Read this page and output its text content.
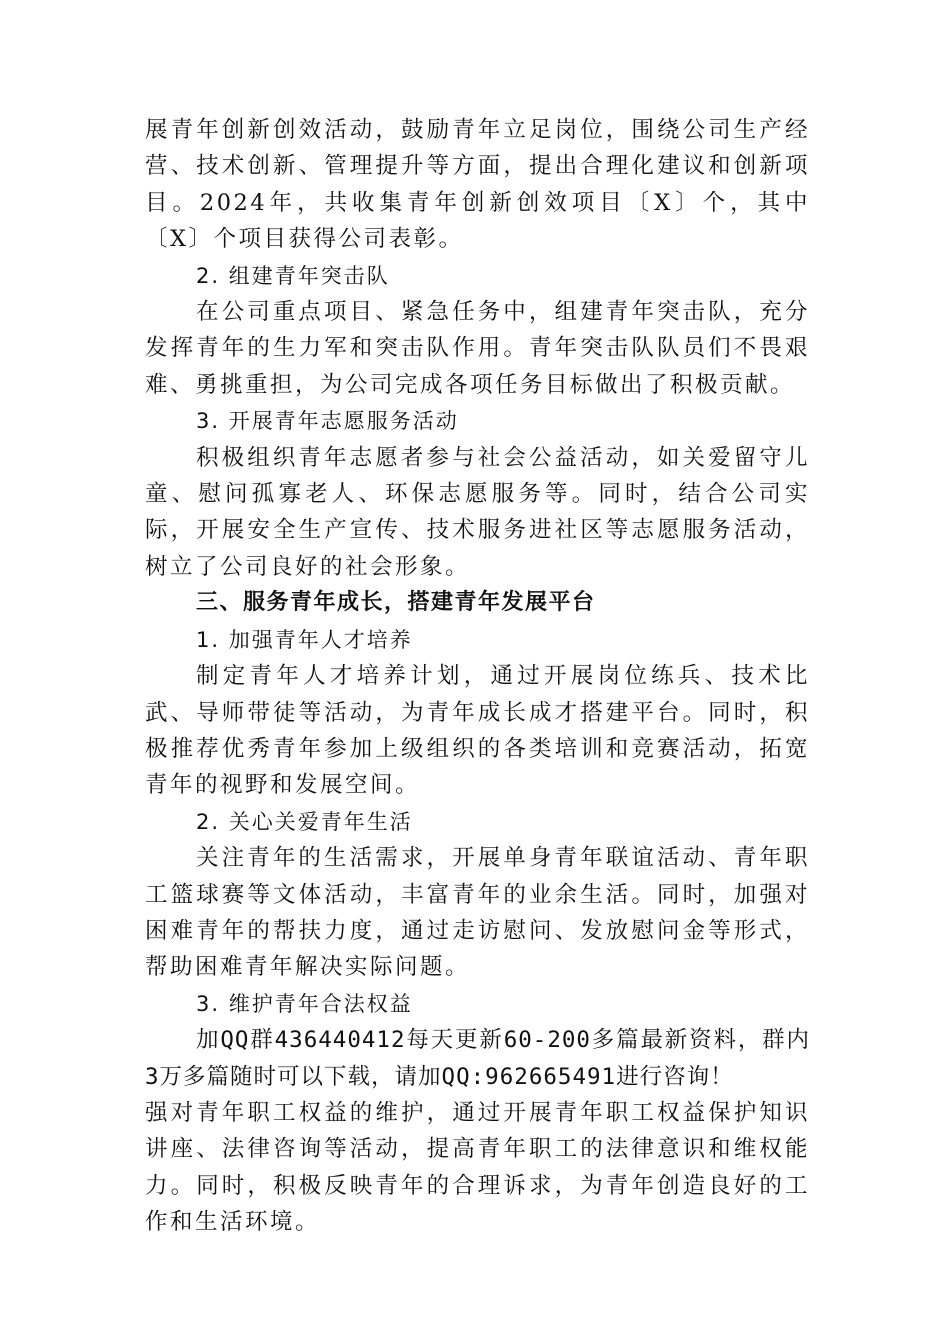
展青年创新创效活动，鼓励青年立足岗位，围绕公司生产经营、技术创新、管理提升等方面，提出合理化建议和创新项目。2024年，共收集青年创新创效项目〔X〕个，其中〔X〕个项目获得公司表彰。

2. 组建青年突击队

在公司重点项目、紧急任务中，组建青年突击队，充分发挥青年的生力军和突击队作用。青年突击队队员们不畏艰难、勇挑重担，为公司完成各项任务目标做出了积极贡献。

3. 开展青年志愿服务活动

积极组织青年志愿者参与社会公益活动，如关爱留守儿童、慰问孤寡老人、环保志愿服务等。同时，结合公司实际，开展安全生产宣传、技术服务进社区等志愿服务活动，树立了公司良好的社会形象。

三、服务青年成长，搭建青年发展平台

1. 加强青年人才培养

制定青年人才培养计划，通过开展岗位练兵、技术比武、导师带徒等活动，为青年成长成才搭建平台。同时，积极推荐优秀青年参加上级组织的各类培训和竞赛活动，拓宽青年的视野和发展空间。

2. 关心关爱青年生活

关注青年的生活需求，开展单身青年联谊活动、青年职工篮球赛等文体活动，丰富青年的业余生活。同时，加强对困难青年的帮扶力度，通过走访慰问、发放慰问金等形式，帮助困难青年解决实际问题。

3. 维护青年合法权益

加QQ群436440412每天更新60-200多篇最新资料，群内3万多篇随时可以下载，请加QQ:962665491进行咨询！

强对青年职工权益的维护，通过开展青年职工权益保护知识讲座、法律咨询等活动，提高青年职工的法律意识和维权能力。同时，积极反映青年的合理诉求，为青年创造良好的工作和生活环境。
